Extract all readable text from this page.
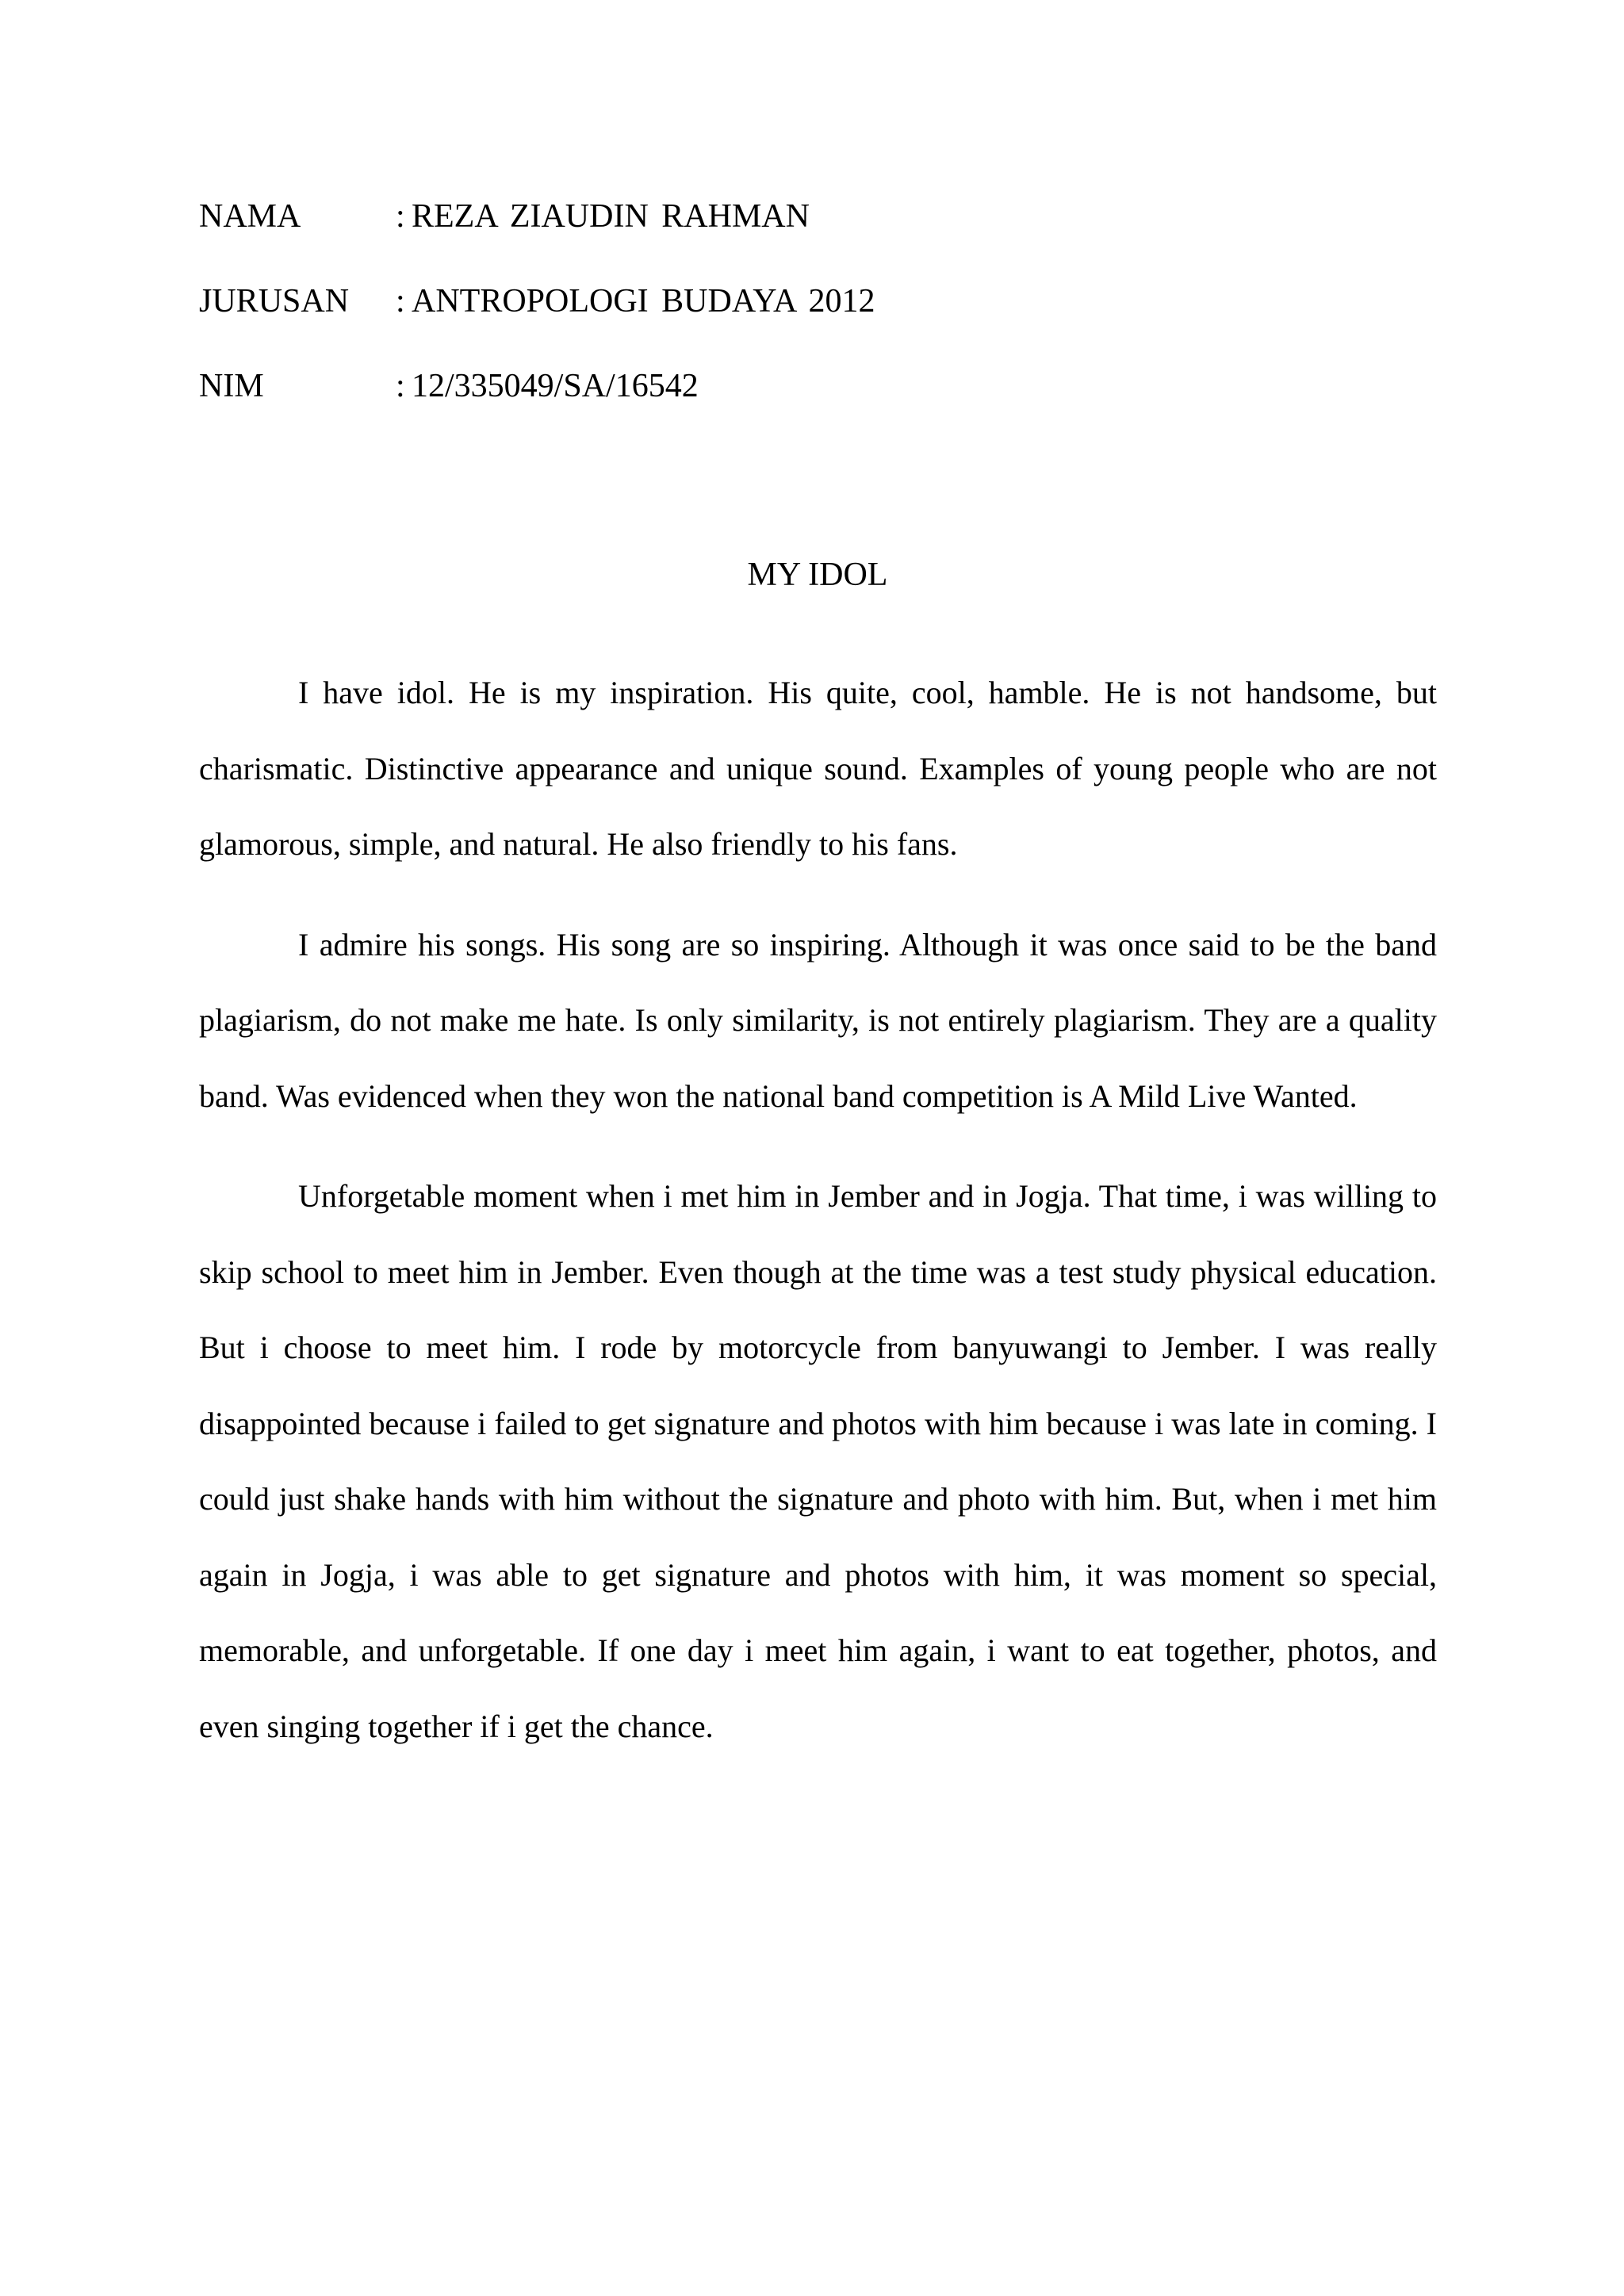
NAMA	: REZA ZIAUDIN RAHMAN
JURUSAN	: ANTROPOLOGI BUDAYA 2012
NIM	: 12/335049/SA/16542
MY IDOL

I have idol. He is my inspiration. His quite, cool, hamble. He is not handsome, but charismatic. Distinctive appearance and unique sound. Examples of young people who are not glamorous, simple, and natural. He also friendly to his fans.

I admire his songs. His song are so inspiring. Although it was once said to be the band plagiarism, do not make me hate. Is only similarity, is not entirely plagiarism. They are a quality band. Was evidenced when they won the national band competition is A Mild Live Wanted.

Unforgetable moment when i met him in Jember and in Jogja. That time, i was willing to skip school to meet him in Jember. Even though at the time was a test study physical education. But i choose to meet him. I rode by motorcycle from banyuwangi to Jember. I was really disappointed because i failed to get signature and photos with him because i was late in coming. I could just shake hands with him without the signature and photo with him. But, when i met him again in Jogja, i was able to get signature and photos with him, it was moment so special, memorable, and unforgetable. If one day i meet him again, i want to eat together, photos, and even singing together if i get the chance.
